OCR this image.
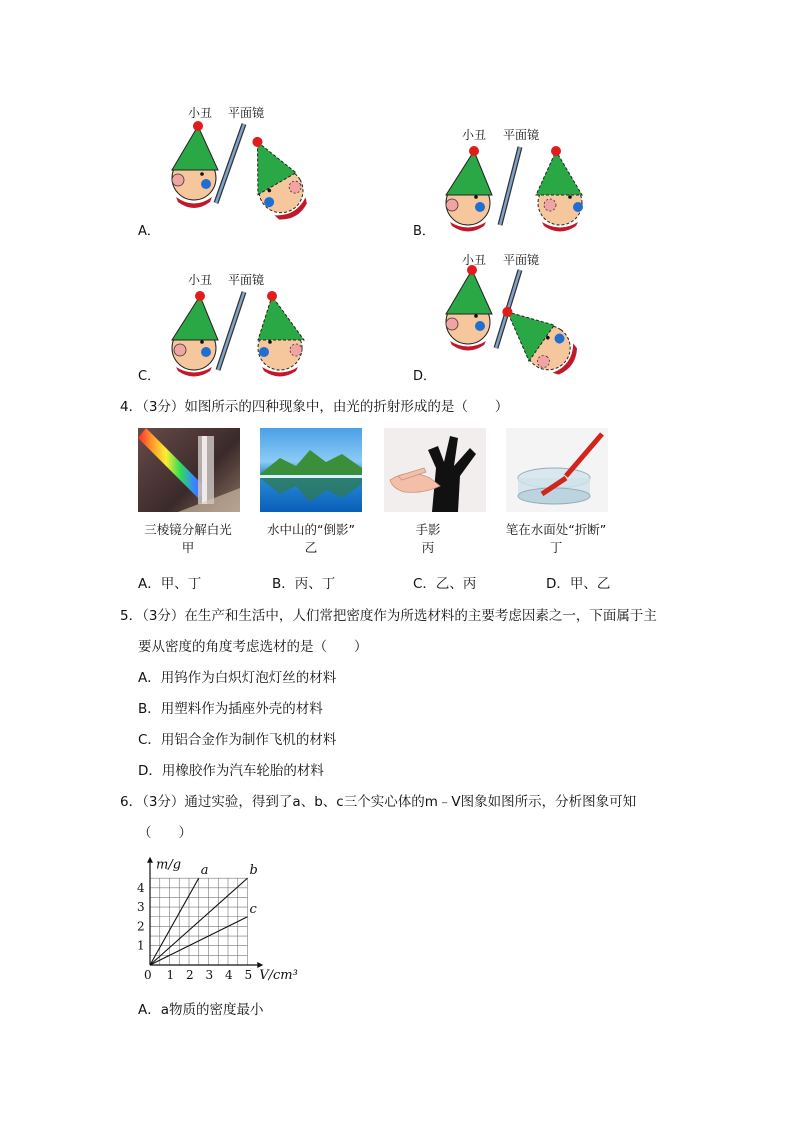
小丑 平面镜
A．
小丑 平面镜
B．
小丑 平面镜
C．
小丑 平面镜
D．
4．（3分）如图所示的四种现象中，由光的折射形成的是（　　）
三棱镜分解白光
甲
水中山的“倒影”
乙
手影
丙
笔在水面处“折断”
丁
A．甲、丁	B．丙、丁	C．乙、丙	D．甲、乙
5．（3分）在生产和生活中，人们常把密度作为所选材料的主要考虑因素之一，下面属于主
要从密度的角度考虑选材的是（　　）
A．用钨作为白炽灯泡灯丝的材料
B．用塑料作为插座外壳的材料
C．用铝合金作为制作飞机的材料
D．用橡胶作为汽车轮胎的材料
6．（3分）通过实验，得到了a、b、c三个实心体的m﹣V图象如图所示，分析图象可知
（　　）
0 1 2 3 4 5
1
2
3
4
m/g
V/cm³
a	b
c
A．a物质的密度最小
